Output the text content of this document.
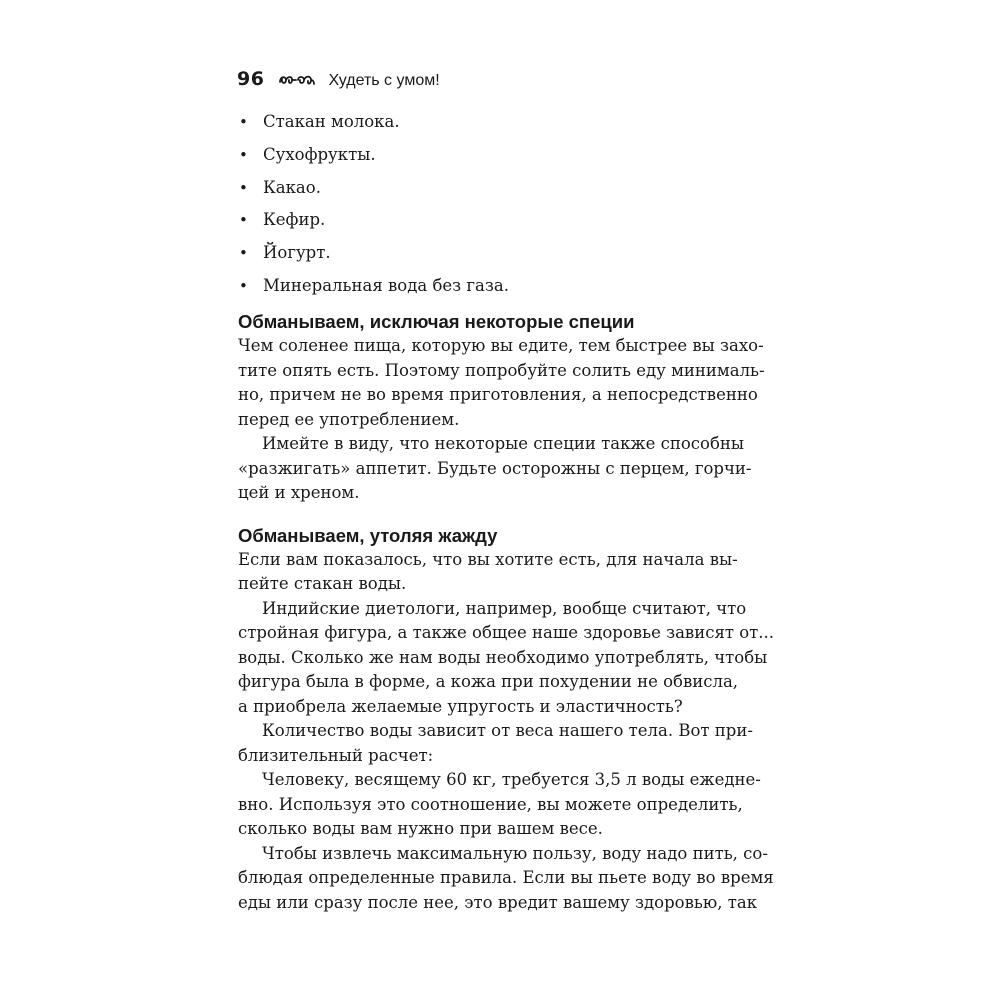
96	Худеть с умом!
• Стакан молока.
• Сухофрукты.
• Какао.
• Кефир.
• Йогурт.
• Минеральная вода без газа.
Обманываем, исключая некоторые специи

Чем соленее пища, которую вы едите, тем быстрее вы захо-
тите опять есть. Поэтому попробуйте солить еду минималь-
но, причем не во время приготовления, а непосредственно
перед ее употреблением.

Имейте в виду, что некоторые специи также способны
«разжигать» аппетит. Будьте осторожны с перцем, горчи-
цей и хреном.

Обманываем, утоляя жажду

Если вам показалось, что вы хотите есть, для начала вы-
пейте стакан воды.

Индийские диетологи, например, вообще считают, что
стройная фигура, а также общее наше здоровье зависят от...
воды. Сколько же нам воды необходимо употреблять, чтобы
фигура была в форме, а кожа при похудении не обвисла,
а приобрела желаемые упругость и эластичность?

Количество воды зависит от веса нашего тела. Вот при-
близительный расчет:

Человеку, весящему 60 кг, требуется 3,5 л воды ежедне-
вно. Используя это соотношение, вы можете определить,
сколько воды вам нужно при вашем весе.

Чтобы извлечь максимальную пользу, воду надо пить, со-
блюдая определенные правила. Если вы пьете воду во время
еды или сразу после нее, это вредит вашему здоровью, так
